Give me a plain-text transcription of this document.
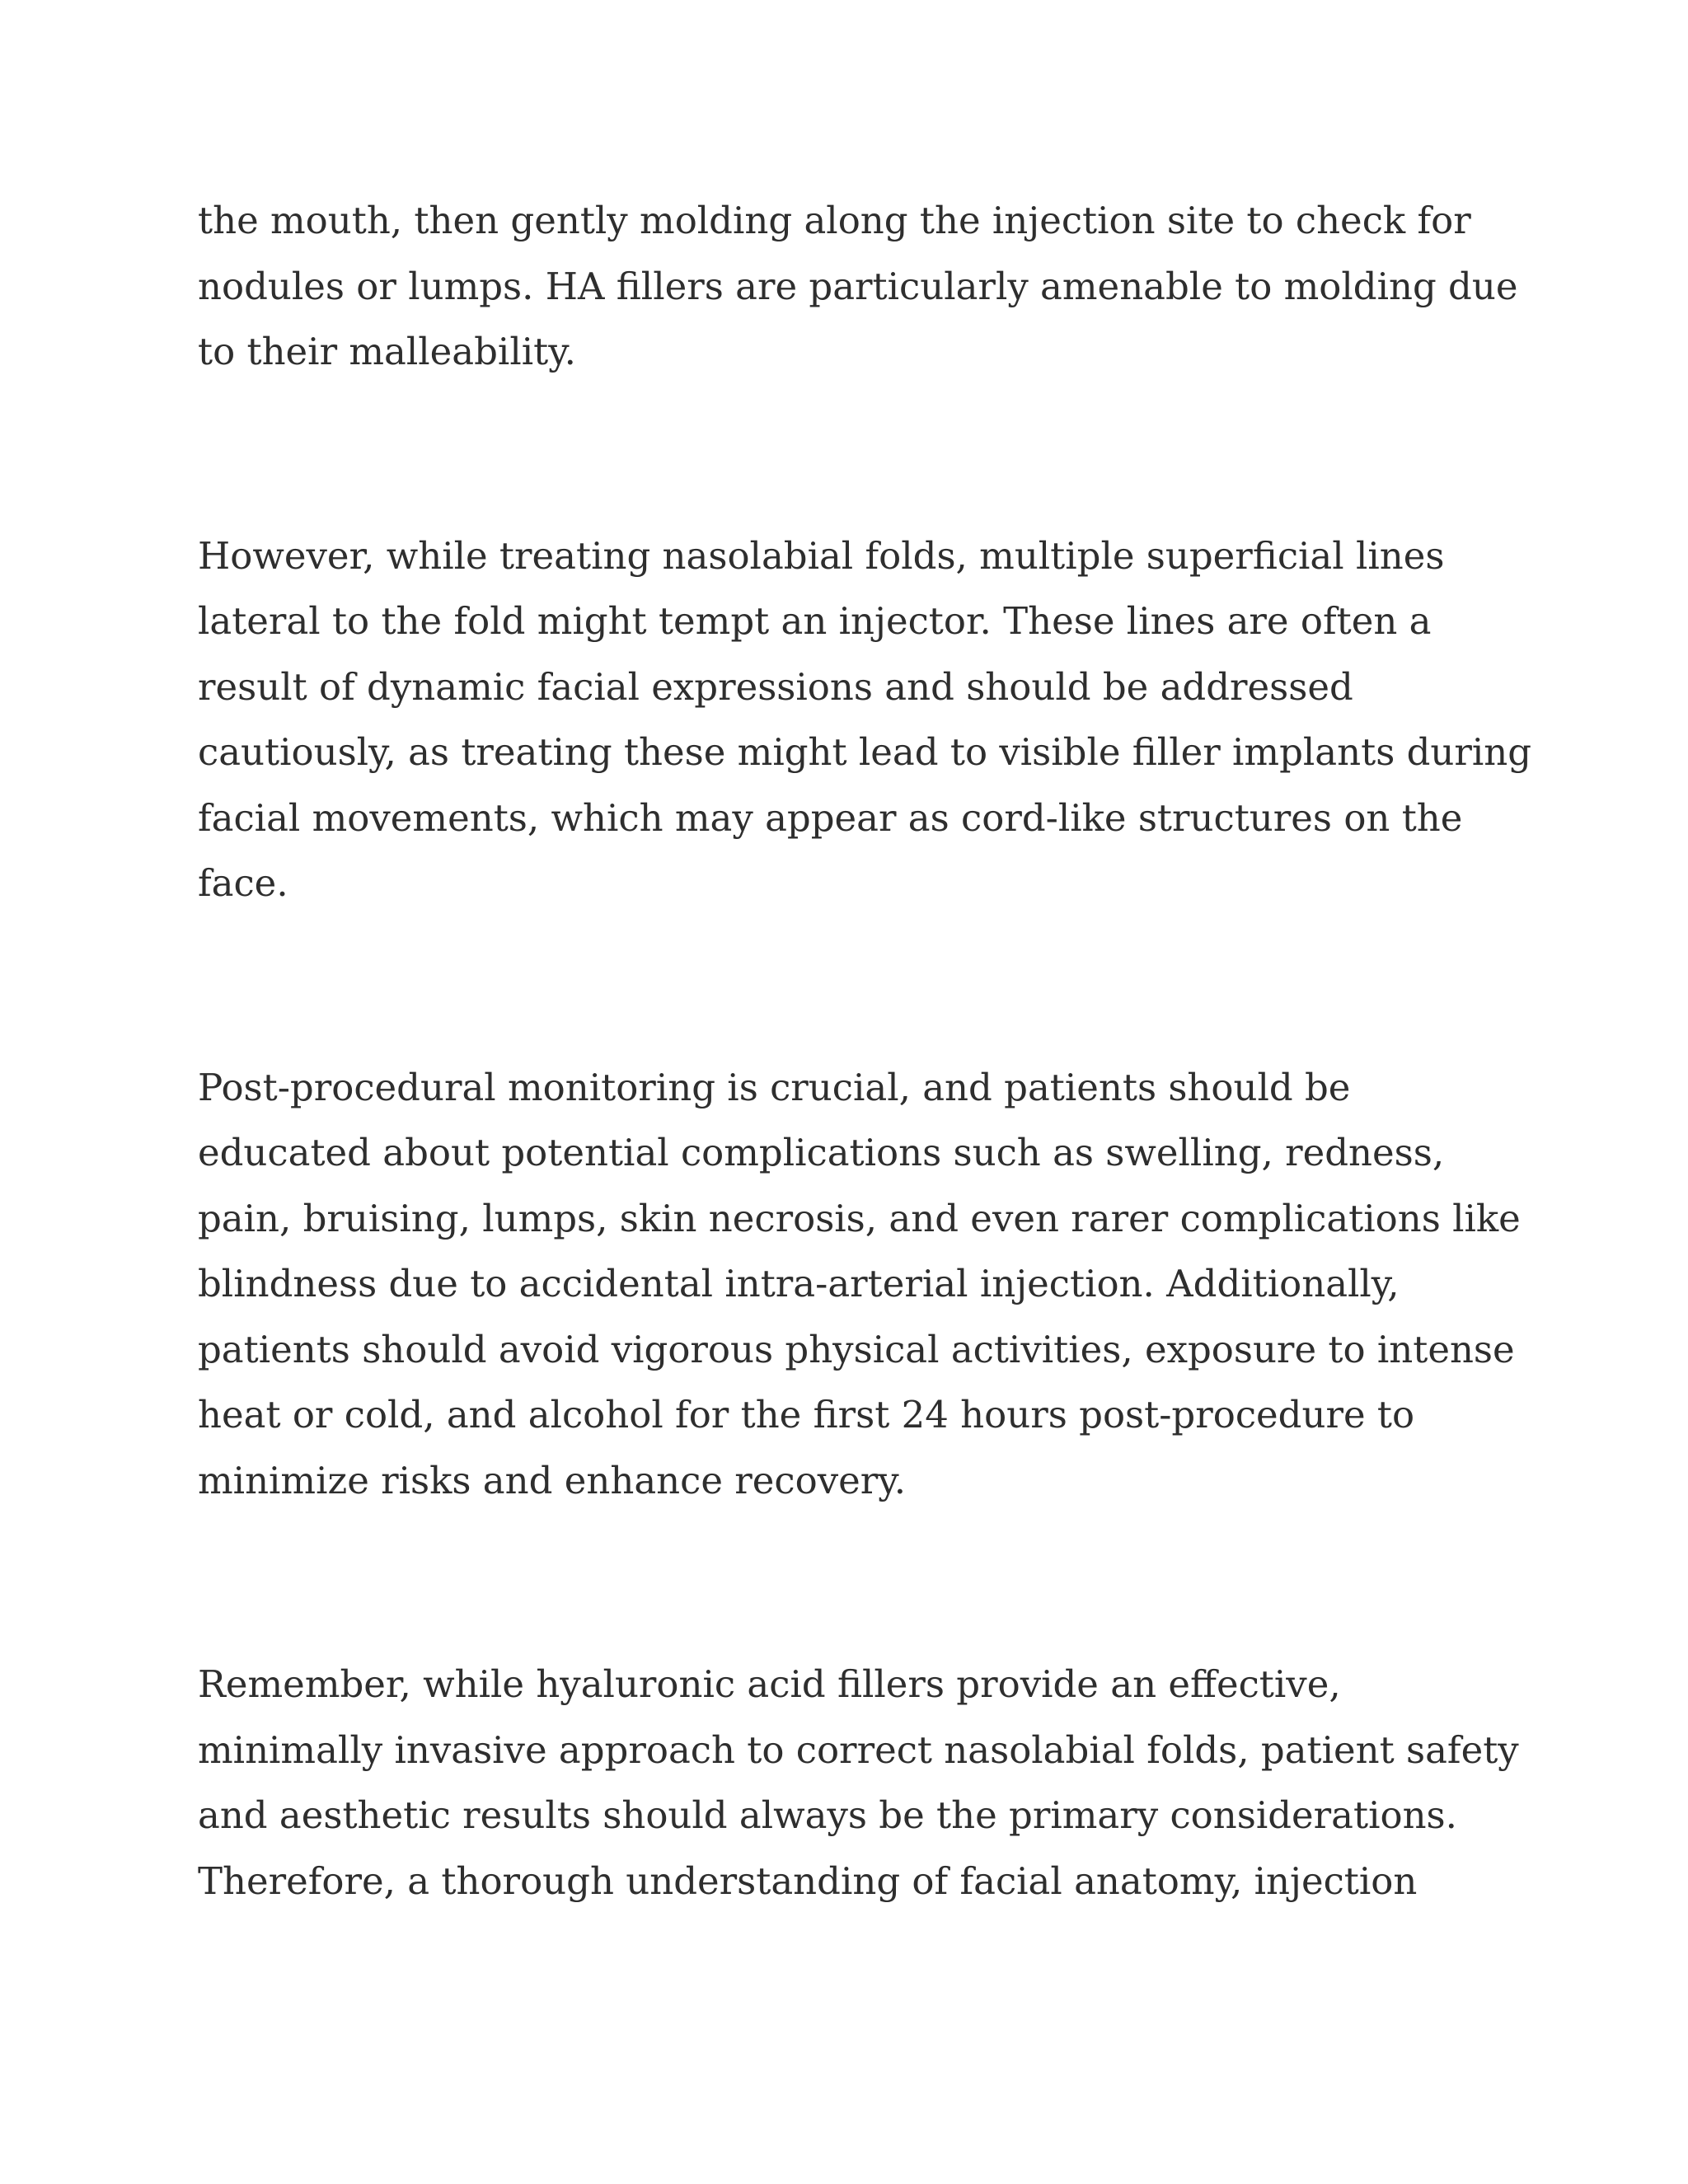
the mouth, then gently molding along the injection site to check for
nodules or lumps. HA fillers are particularly amenable to molding due
to their malleability.

However, while treating nasolabial folds, multiple superficial lines
lateral to the fold might tempt an injector. These lines are often a
result of dynamic facial expressions and should be addressed
cautiously, as treating these might lead to visible filler implants during
facial movements, which may appear as cord-like structures on the
face.

Post-procedural monitoring is crucial, and patients should be
educated about potential complications such as swelling, redness,
pain, bruising, lumps, skin necrosis, and even rarer complications like
blindness due to accidental intra-arterial injection. Additionally,
patients should avoid vigorous physical activities, exposure to intense
heat or cold, and alcohol for the first 24 hours post-procedure to
minimize risks and enhance recovery.

Remember, while hyaluronic acid fillers provide an effective,
minimally invasive approach to correct nasolabial folds, patient safety
and aesthetic results should always be the primary considerations.
Therefore, a thorough understanding of facial anatomy, injection
